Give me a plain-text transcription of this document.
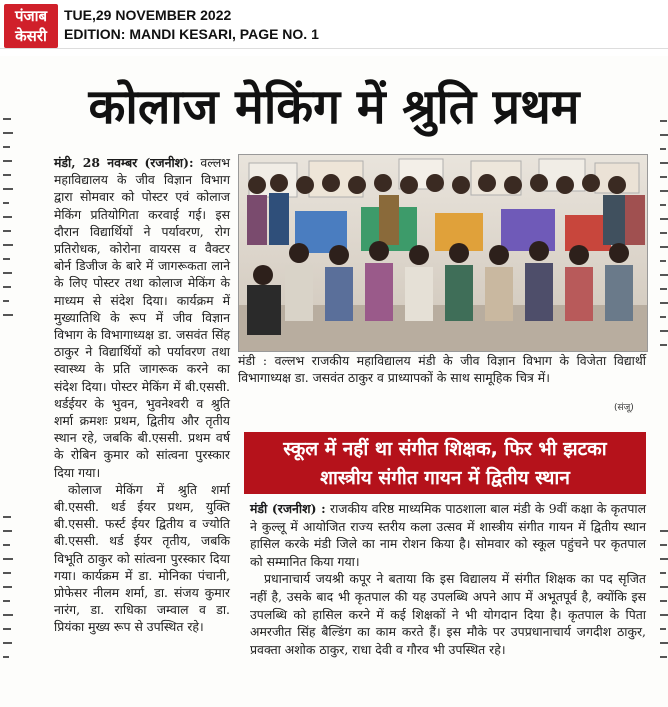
पंजाब
केसरी
TUE,29 NOVEMBER 2022
EDITION: MANDI KESARI, PAGE NO. 1
कोलाज मेकिंग में श्रुति प्रथम

मंडी, 28 नवम्बर (रजनीश): वल्लभ महाविद्यालय के जीव विज्ञान विभाग द्वारा सोमवार को पोस्टर एवं कोलाज मेकिंग प्रतियोगिता करवाई गई। इस दौरान विद्यार्थियों ने पर्यावरण, रोग प्रतिरोधक, कोरोना वायरस व वैक्टर बोर्न डिजीज के बारे में जागरूकता लाने के लिए पोस्टर तथा कोलाज मेकिंग के माध्यम से संदेश दिया। कार्यक्रम में मुख्यातिथि के रूप में जीव विज्ञान विभाग के विभागाध्यक्ष डा. जसवंत सिंह ठाकुर ने विद्यार्थियों को पर्यावरण तथा स्वास्थ्य के प्रति जागरूक करने का संदेश दिया। पोस्टर मेकिंग में बी.एससी. थर्डईयर के भुवन, भुवनेश्वरी व श्रुति शर्मा क्रमशः प्रथम, द्वितीय और तृतीय स्थान रहे, जबकि बी.एससी. प्रथम वर्ष के रोबिन कुमार को सांत्वना पुरस्कार दिया गया।

कोलाज मेकिंग में श्रुति शर्मा बी.एससी. थर्ड ईयर प्रथम, युक्ति बी.एससी. फर्स्ट ईयर द्वितीय व ज्योति बी.एससी. थर्ड ईयर तृतीय, जबकि विभूति ठाकुर को सांत्वना पुरस्कार दिया गया। कार्यक्रम में डा. मोनिका पंचानी, प्रोफेसर नीलम शर्मा, डा. संजय कुमार नारंग, डा. राधिका जम्वाल व डा. प्रियंका मुख्य रूप से उपस्थित रहे।

मंडी : वल्लभ राजकीय महाविद्यालय मंडी के जीव विज्ञान विभाग के विजेता विद्यार्थी विभागाध्यक्ष डा. जसवंत ठाकुर व प्राध्यापकों के साथ सामूहिक चित्र में।
(संजू)
स्कूल में नहीं था संगीत शिक्षक, फिर भी झटका
शास्त्रीय संगीत गायन में द्वितीय स्थान

मंडी (रजनीश) : राजकीय वरिष्ठ माध्यमिक पाठशाला बाल मंडी के 9वीं कक्षा के कृतपाल ने कुल्लू में आयोजित राज्य स्तरीय कला उत्सव में शास्त्रीय संगीत गायन में द्वितीय स्थान हासिल करके मंडी जिले का नाम रोशन किया है। सोमवार को स्कूल पहुंचने पर कृतपाल को सम्मानित किया गया।

प्रधानाचार्य जयश्री कपूर ने बताया कि इस विद्यालय में संगीत शिक्षक का पद सृजित नहीं है, उसके बाद भी कृतपाल की यह उपलब्धि अपने आप में अभूतपूर्व है, क्योंकि इस उपलब्धि को हासिल करने में कई शिक्षकों ने भी योगदान दिया है। कृतपाल के पिता अमरजीत सिंह बैल्डिंग का काम करते हैं। इस मौके पर उपप्रधानाचार्य जगदीश ठाकुर, प्रवक्ता अशोक ठाकुर, राधा देवी व गौरव भी उपस्थित रहे।
